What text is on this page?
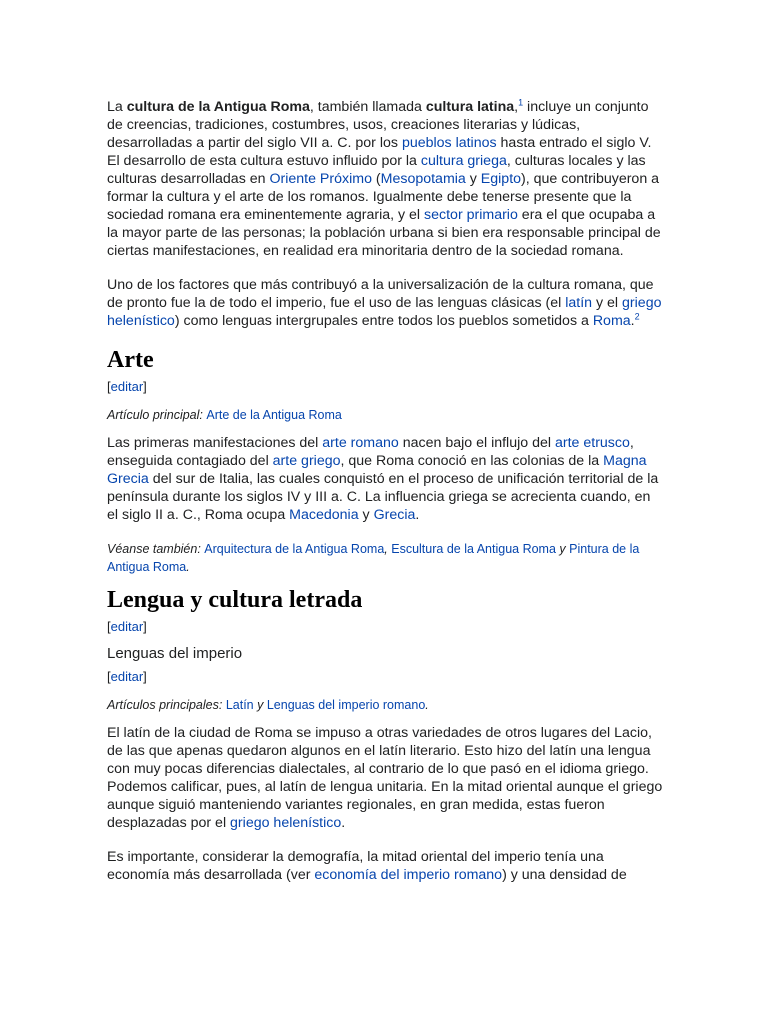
La cultura de la Antigua Roma, también llamada cultura latina,$^1$ incluye un conjunto de creencias, tradiciones, costumbres, usos, creaciones literarias y lúdicas, desarrolladas a partir del siglo VII a. C. por los pueblos latinos hasta entrado el siglo V. El desarrollo de esta cultura estuvo influido por la cultura griega, culturas locales y las culturas desarrolladas en Oriente Próximo (Mesopotamia y Egipto), que contribuyeron a formar la cultura y el arte de los romanos. Igualmente debe tenerse presente que la sociedad romana era eminentemente agraria, y el sector primario era el que ocupaba a la mayor parte de las personas; la población urbana si bien era responsable principal de ciertas manifestaciones, en realidad era minoritaria dentro de la sociedad romana.

Uno de los factores que más contribuyó a la universalización de la cultura romana, que de pronto fue la de todo el imperio, fue el uso de las lenguas clásicas (el latín y el griego helenístico) como lenguas intergrupales entre todos los pueblos sometidos a Roma.$^2$

Arte
[editar]
Artículo principal: Arte de la Antigua Roma

Las primeras manifestaciones del arte romano nacen bajo el influjo del arte etrusco, enseguida contagiado del arte griego, que Roma conoció en las colonias de la Magna Grecia del sur de Italia, las cuales conquistó en el proceso de unificación territorial de la península durante los siglos IV y III a. C. La influencia griega se acrecienta cuando, en el siglo II a. C., Roma ocupa Macedonia y Grecia.

Véanse también: Arquitectura de la Antigua Roma, Escultura de la Antigua Roma y Pintura de la Antigua Roma.
Lengua y cultura letrada
[editar]
Lenguas del imperio
[editar]
Artículos principales: Latín y Lenguas del imperio romano.

El latín de la ciudad de Roma se impuso a otras variedades de otros lugares del Lacio, de las que apenas quedaron algunos en el latín literario. Esto hizo del latín una lengua con muy pocas diferencias dialectales, al contrario de lo que pasó en el idioma griego. Podemos calificar, pues, al latín de lengua unitaria. En la mitad oriental aunque el griego aunque siguió manteniendo variantes regionales, en gran medida, estas fueron desplazadas por el griego helenístico.

Es importante, considerar la demografía, la mitad oriental del imperio tenía una economía más desarrollada (ver economía del imperio romano) y una densidad de
